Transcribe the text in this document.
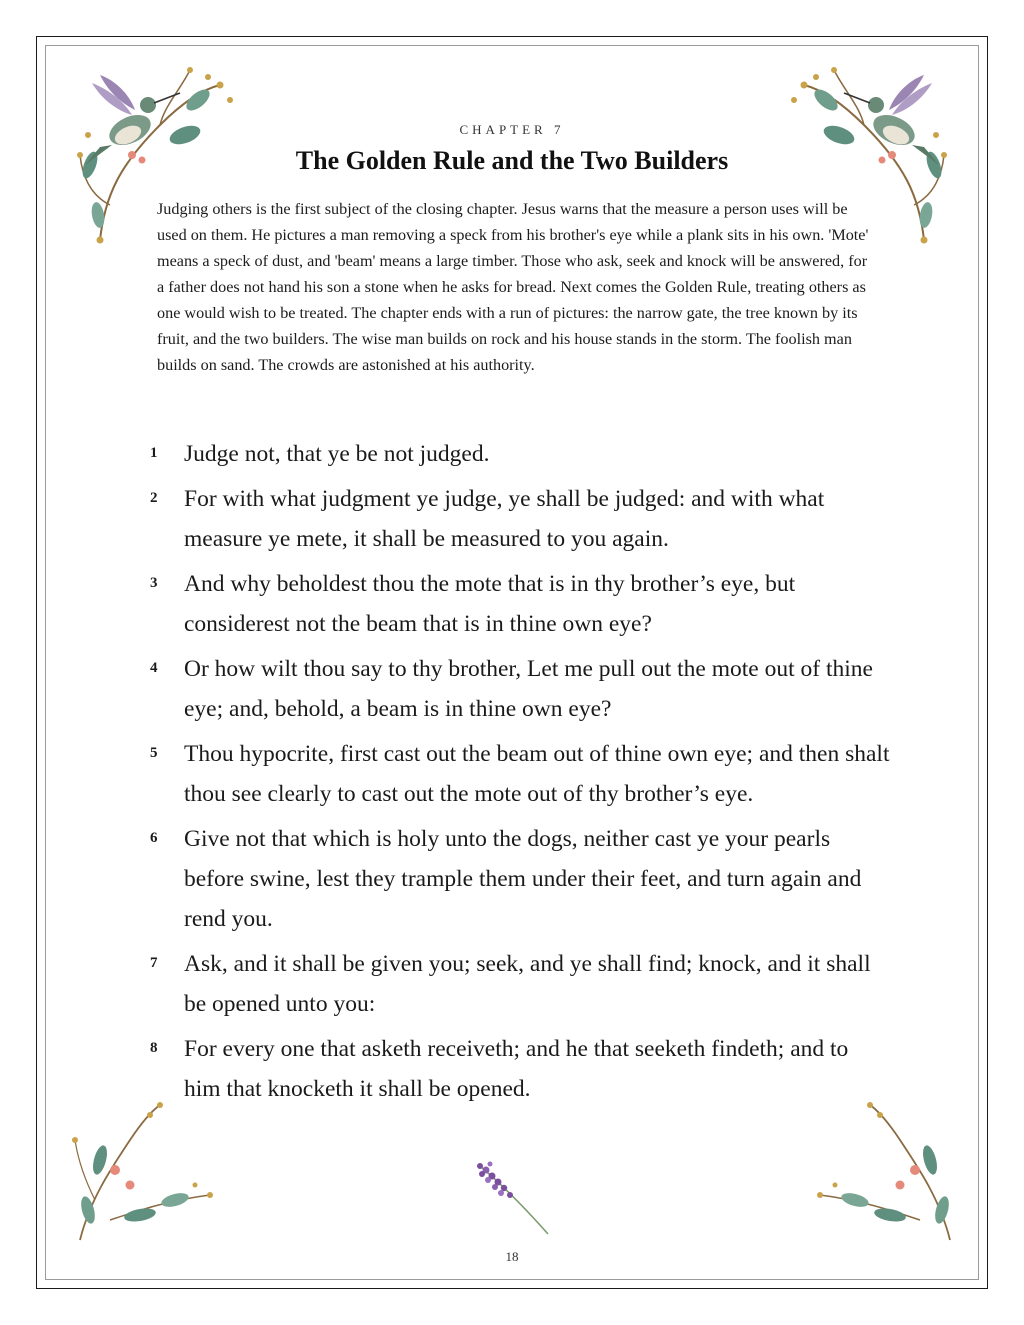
CHAPTER 7
The Golden Rule and the Two Builders

Judging others is the first subject of the closing chapter. Jesus warns that the measure a person uses will be used on them. He pictures a man removing a speck from his brother's eye while a plank sits in his own. 'Mote' means a speck of dust, and 'beam' means a large timber. Those who ask, seek and knock will be answered, for a father does not hand his son a stone when he asks for bread. Next comes the Golden Rule, treating others as one would wish to be treated. The chapter ends with a run of pictures: the narrow gate, the tree known by its fruit, and the two builders. The wise man builds on rock and his house stands in the storm. The foolish man builds on sand. The crowds are astonished at his authority.

1	Judge not, that ye be not judged.
2	For with what judgment ye judge, ye shall be judged: and with what measure ye mete, it shall be measured to you again.
3	And why beholdest thou the mote that is in thy brother’s eye, but considerest not the beam that is in thine own eye?
4	Or how wilt thou say to thy brother, Let me pull out the mote out of thine eye; and, behold, a beam is in thine own eye?
5	Thou hypocrite, first cast out the beam out of thine own eye; and then shalt thou see clearly to cast out the mote out of thy brother’s eye.
6	Give not that which is holy unto the dogs, neither cast ye your pearls before swine, lest they trample them under their feet, and turn again and rend you.
7	Ask, and it shall be given you; seek, and ye shall find; knock, and it shall be opened unto you:
8	For every one that asketh receiveth; and he that seeketh findeth; and to him that knocketh it shall be opened.
18
